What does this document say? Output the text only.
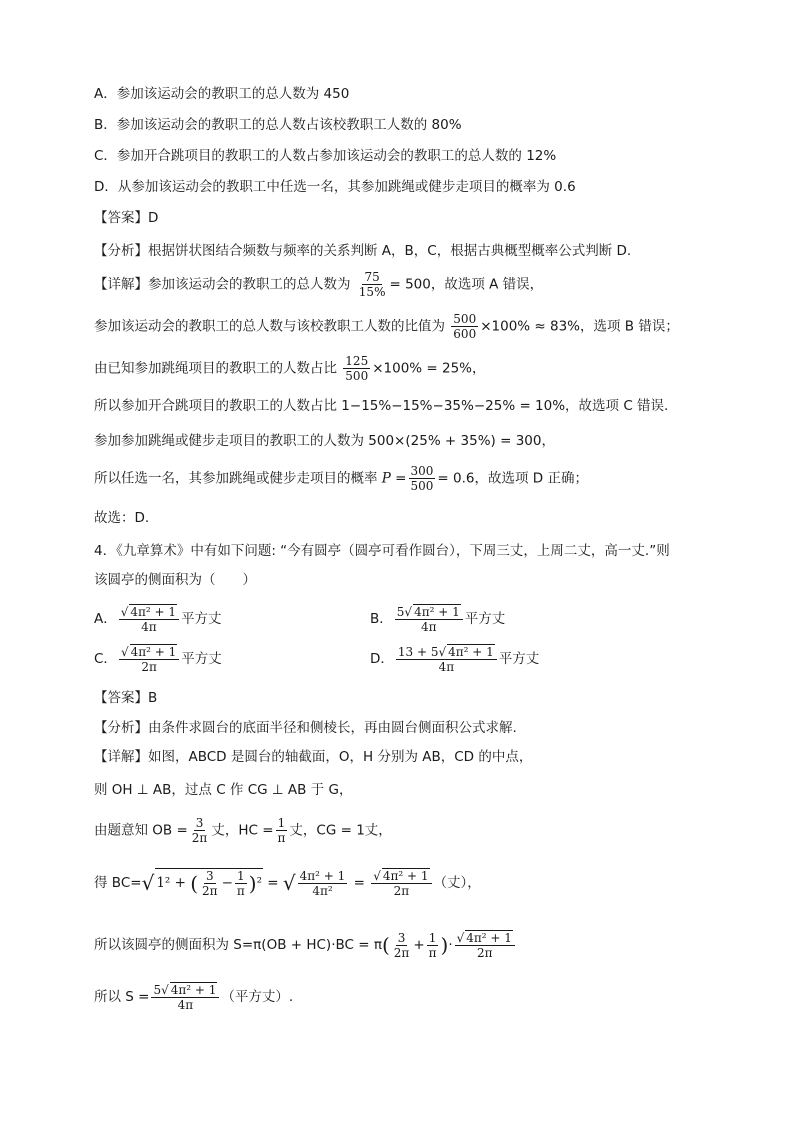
A．参加该运动会的教职工的总人数为 450
B．参加该运动会的教职工的总人数占该校教职工人数的 80%
C．参加开合跳项目的教职工的人数占参加该运动会的教职工的总人数的 12%
D．从参加该运动会的教职工中任选一名，其参加跳绳或健步走项目的概率为 0.6
【答案】D
【分析】根据饼状图结合频数与频率的关系判断 A，B，C，根据古典概型概率公式判断 D.
【详解】参加该运动会的教职工的总人数为 $\frac{75}{15\%} = 500$，故选项 A 错误，
参加该运动会的教职工的总人数与该校教职工人数的比值为 $\frac{500}{600} \times 100\% \approx 83\%$，选项 B 错误；
由已知参加跳绳项目的教职工的人数占比 $\frac{125}{500} \times 100\% = 25\%$，
所以参加开合跳项目的教职工的人数占比 1−15%−15%−35%−25% = 10%，故选项 C 错误.
参加参加跳绳或健步走项目的教职工的人数为 500×(25% + 35%) = 300，
所以任选一名，其参加跳绳或健步走项目的概率 $P = \frac{300}{500} = 0.6$，故选项 D 正确；
故选：D.
4．《九章算术》中有如下问题: “今有圆亭（圆亭可看作圆台），下周三丈，上周二丈，高一丈.”则
该圆亭的侧面积为（　　）
A． $\frac{\text{√ 4π² + 1}}{4\pi}$ 平方丈	B． $\frac{\text{5√ 4π² + 1}}{4\pi}$ 平方丈
C． $\frac{\text{√ 4π² + 1}}{2\pi}$ 平方丈	D． $\frac{\text{13 + 5√ 4π² + 1}}{4\pi}$ 平方丈
【答案】B
【分析】由条件求圆台的底面半径和侧棱长，再由圆台侧面积公式求解.
【详解】如图，ABCD 是圆台的轴截面，O，H 分别为 AB，CD 的中点，
则 OH ⊥ AB，过点 C 作 CG ⊥ AB 于 G，
由题意知 OB = $\frac{3}{2\pi}$ 丈，HC = $\frac{1}{\pi}$ 丈，CG = 1丈，
得 BC=√ 1² + ( $\frac{3}{2\pi} - \frac{1}{\pi} )^2$ = √ $\frac{\text{4π² + 1}}{\text{4π²}} = \frac{\text{√ 4π² + 1}}{2\pi}$ （丈），
所以该圆亭的侧面积为 $S=\pi(OB + HC)\cdot BC = \pi( \frac{3}{2\pi} + \frac{1}{\pi}$ )· $\frac{\text{√ 4π² + 1}}{2\pi}$
所以 $S = \frac{\text{5√ 4π² + 1}}{4\pi}$ （平方丈）.
